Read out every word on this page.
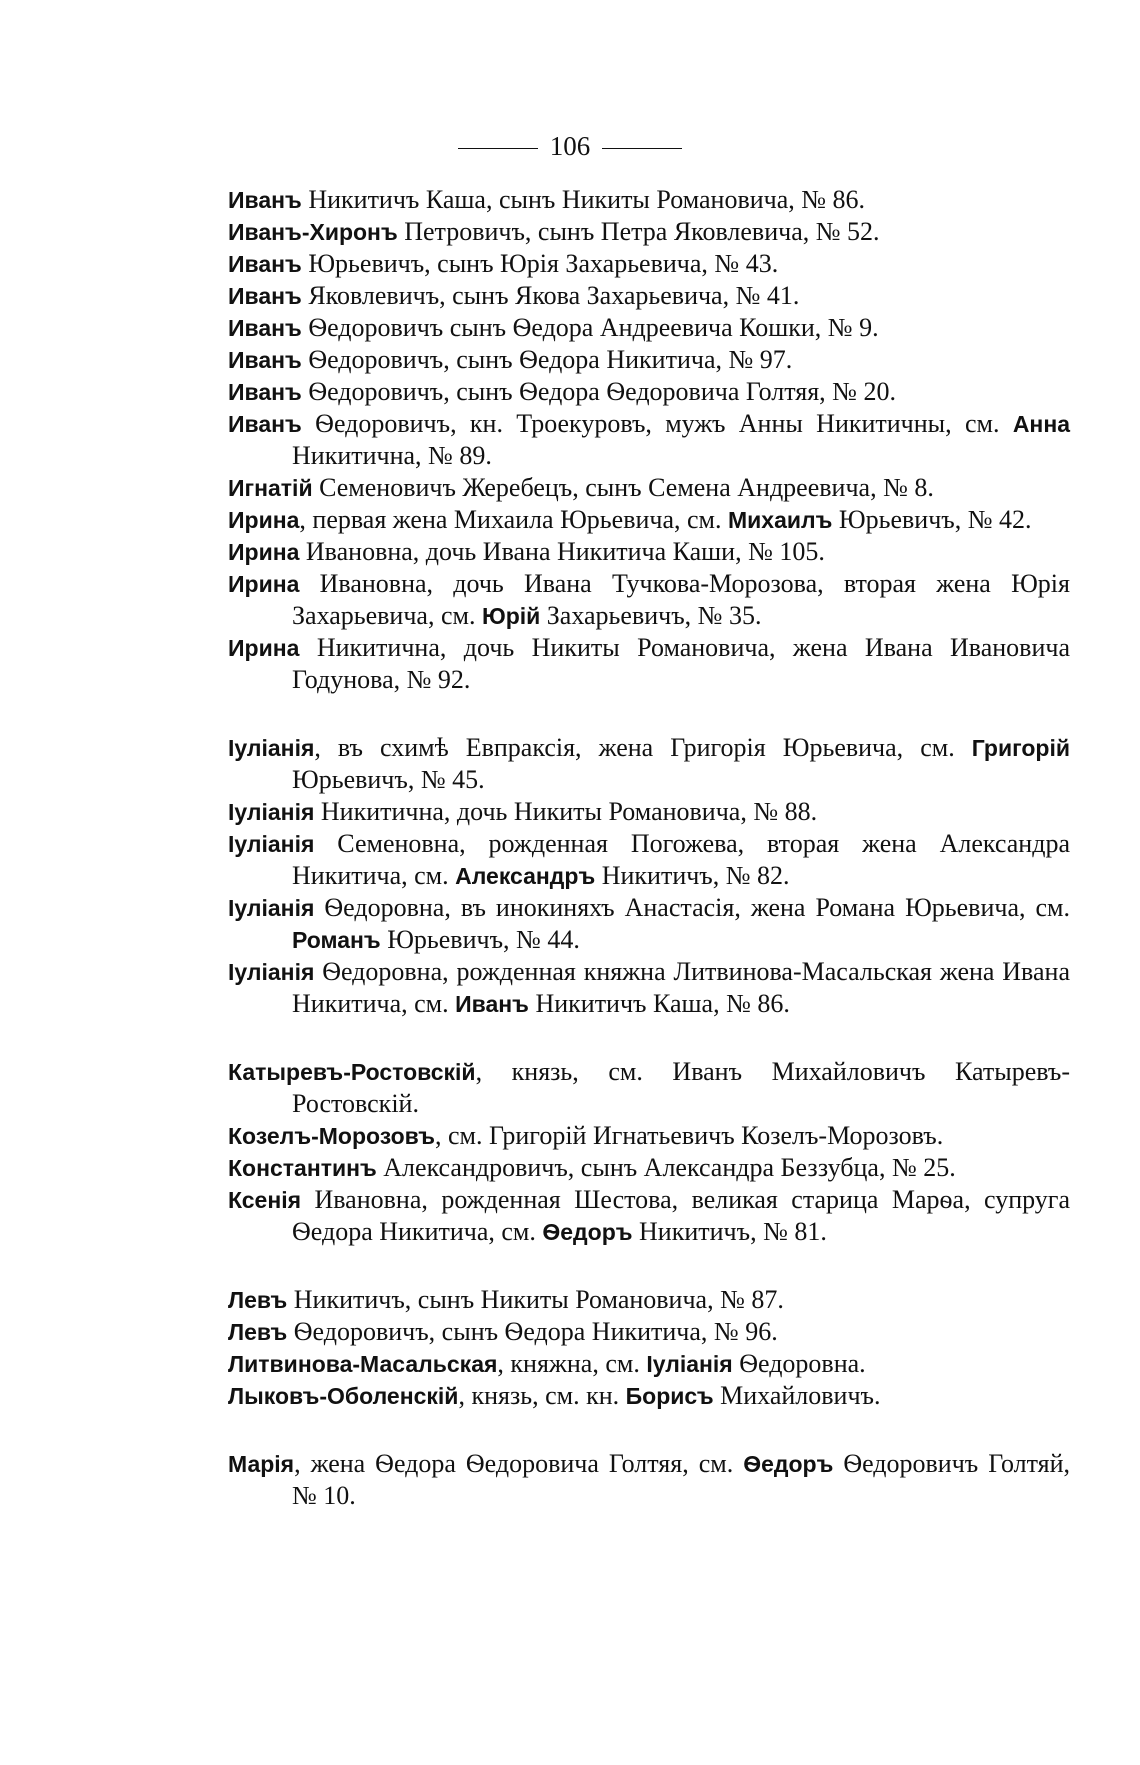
106
Иванъ Никитичъ Каша, сынъ Никиты Романовича, № 86.
Иванъ-Хиронъ Петровичъ, сынъ Петра Яковлевича, № 52.
Иванъ Юрьевичъ, сынъ Юрія Захарьевича, № 43.
Иванъ Яковлевичъ, сынъ Якова Захарьевича, № 41.
Иванъ Ѳедоровичъ сынъ Ѳедора Андреевича Кошки, № 9.
Иванъ Ѳедоровичъ, сынъ Ѳедора Никитича, № 97.
Иванъ Ѳедоровичъ, сынъ Ѳедора Ѳедоровича Голтяя, № 20.
Иванъ Ѳедоровичъ, кн. Троекуровъ, мужъ Анны Никитичны, см. Анна Никитична, № 89.
Игнатій Семеновичъ Жеребецъ, сынъ Семена Андреевича, № 8.
Ирина, первая жена Михаила Юрьевича, см. Михаилъ Юрьевичъ, № 42.
Ирина Ивановна, дочь Ивана Никитича Каши, № 105.
Ирина Ивановна, дочь Ивана Тучкова-Морозова, вторая жена Юрія Захарьевича, см. Юрій Захарьевичъ, № 35.
Ирина Никитична, дочь Никиты Романовича, жена Ивана Ивановича Годунова, № 92.
Іуліанія, въ схимѣ Евпраксія, жена Григорія Юрьевича, см. Григорій Юрьевичъ, № 45.
Іуліанія Никитична, дочь Никиты Романовича, № 88.
Іуліанія Семеновна, рожденная Погожева, вторая жена Александра Никитича, см. Александръ Никитичъ, № 82.
Іуліанія Ѳедоровна, въ инокиняхъ Анастасія, жена Романа Юрьевича, см. Романъ Юрьевичъ, № 44.
Іуліанія Ѳедоровна, рожденная княжна Литвинова-Масальская жена Ивана Никитича, см. Иванъ Никитичъ Каша, № 86.
Катыревъ-Ростовскій, князь, см. Иванъ Михайловичъ Катыревъ-Ростовскій.
Козелъ-Морозовъ, см. Григорій Игнатьевичъ Козелъ-Морозовъ.
Константинъ Александровичъ, сынъ Александра Беззубца, № 25.
Ксенія Ивановна, рожденная Шестова, великая старица Марѳа, супруга Ѳедора Никитича, см. Ѳедоръ Никитичъ, № 81.
Левъ Никитичъ, сынъ Никиты Романовича, № 87.
Левъ Ѳедоровичъ, сынъ Ѳедора Никитича, № 96.
Литвинова-Масальская, княжна, см. Іуліанія Ѳедоровна.
Лыковъ-Оболенскій, князь, см. кн. Борисъ Михайловичъ.
Марія, жена Ѳедора Ѳедоровича Голтяя, см. Ѳедоръ Ѳедоровичъ Голтяй, № 10.
